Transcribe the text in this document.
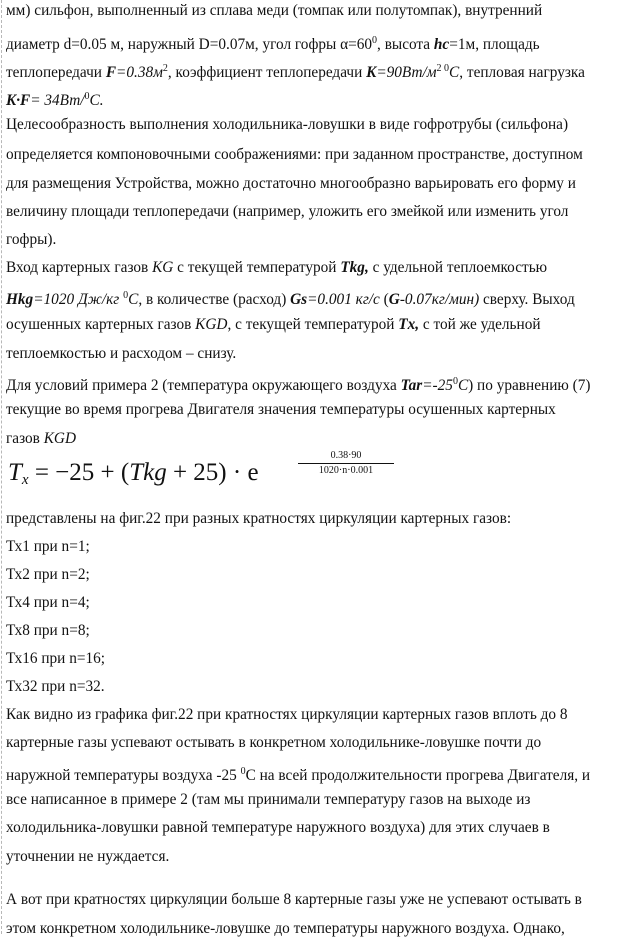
мм) сильфон, выполненный из сплава меди (томпак или полутомпак), внутренний
диаметр d=0.05 м, наружный D=0.07м, угол гофры $\alpha=60^0$, высота hc=1м, площадь
теплопередачи $F=0.38м^2$, коэффициент теплопередачи $K=90Вт/м^{2 0}С$, тепловая нагрузка
K·F= 34Вт/$^0$С.
Целесообразность выполнения холодильника-ловушки в виде гофротрубы (сильфона)
определяется компоновочными соображениями: при заданном пространстве, доступном
для размещения Устройства, можно достаточно многообразно варьировать его форму и
величину площади теплопередачи (например, уложить его змейкой или изменить угол
гофры).
Вход картерных газов KG с текущей температурой Tkg, с удельной теплоемкостью
Hkg=1020 Дж/кг $^0$С, в количестве (расход) Gs=0.001 кг/с (G-0.07кг/мин) сверху. Выход
осушенных картерных газов KGD, с текущей температурой Tx, с той же удельной
теплоемкостью и расходом – снизу.
Для условий примера 2 (температура окружающего воздуха $Tar=-25^0С$) по уравнению (7)
текущие во время прогрева Двигателя значения температуры осушенных картерных
газов KGD
представлены на фиг.22 при разных кратностях циркуляции картерных газов:
Тх1 при n=1;
Тх2 при n=2;
Тх4 при n=4;
Тх8 при n=8;
Тх16 при n=16;
Тх32 при n=32.
Как видно из графика фиг.22 при кратностях циркуляции картерных газов вплоть до 8
картерные газы успевают остывать в конкретном холодильнике-ловушке почти до
наружной температуры воздуха -25 $^0$С на всей продолжительности прогрева Двигателя, и
все написанное в примере 2 (там мы принимали температуру газов на выходе из
холодильника-ловушки равной температуре наружного воздуха) для этих случаев в
уточнении не нуждается.
А вот при кратностях циркуляции больше 8 картерные газы уже не успевают остывать в
этом конкретном холодильнике-ловушке до температуры наружного воздуха. Однако,
$T_x = -25 + (Tkg + 25) \cdot e$	$\frac{0.38\cdot 90}{1020\cdot n\cdot 0.001}$
